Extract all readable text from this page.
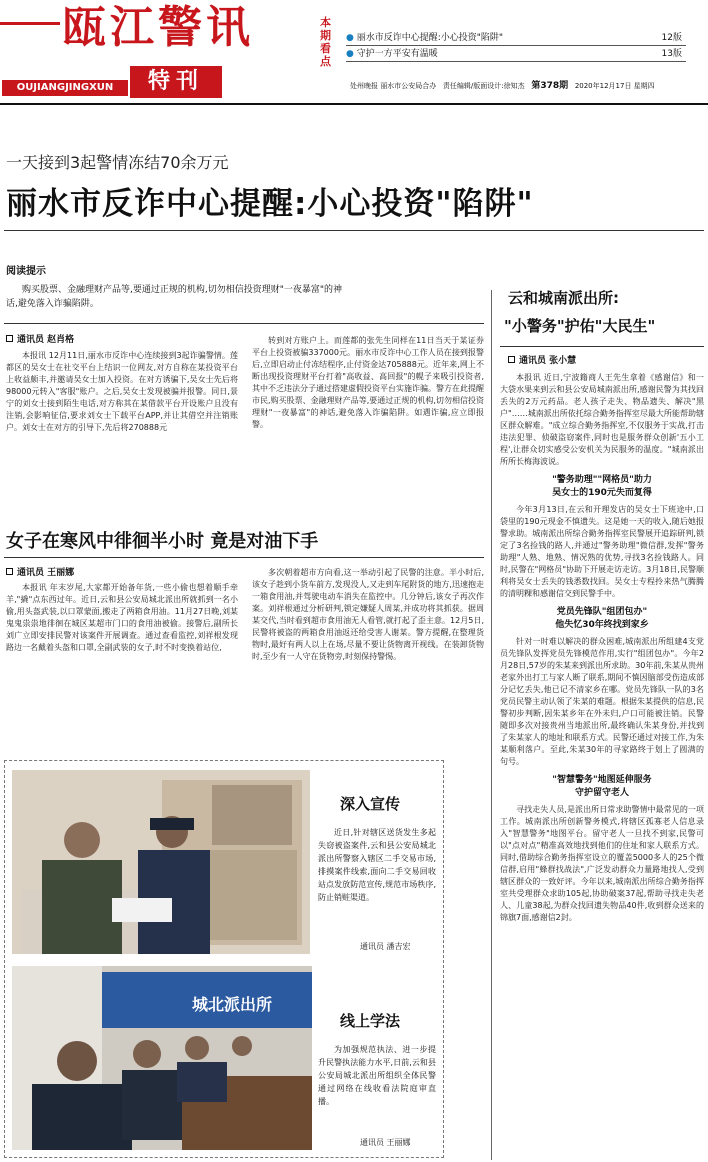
瓯江警讯
OUJIANGJINGXUN	特刊
本期看点
● 丽水市反诈中心提醒:小心投资"陷阱"	12版
● 守护一方平安有温暖	13版
处州晚报 丽水市公安局合办 责任编辑/版面设计:徐知杰 第378期 2020年12月17日 星期四
一天接到3起警情冻结70余万元
丽水市反诈中心提醒:小心投资"陷阱"
阅读提示
购买股票、金融理财产品等,要通过正规的机构,切勿相信投资理财"一夜暴富"的神话,避免落入诈骗陷阱。
通讯员 赵肖格
本报讯 12月11日,丽水市反诈中心连续接到3起诈骗警情。莲都区的吴女士在社交平台上结识一位网友,对方自称在某投资平台上收益颇丰,并邀请吴女士加入投资。在对方诱骗下,吴女士先后将98000元转入"客服"账户。之后,吴女士发现被骗并报警。同日,景宁的刘女士接到陌生电话,对方称其在某借款平台开设账户且没有注销,会影响征信,要求刘女士下载平台APP,并让其借空并注销账户。刘女士在对方的引导下,先后将270888元
转到对方账户上。而莲都的张先生同样在11日当天于某证券平台上投资被骗337000元。丽水市反诈中心工作人员在接到报警后,立即启动止付冻结程序,止付资金达705888元。近年来,网上不断出现投资理财平台打着"高收益、高回报"的幌子来吸引投资者,其中不乏违法分子通过搭建虚假投资平台实施诈骗。警方在此提醒市民,购买股票、金融理财产品等,要通过正规的机构,切勿相信投资理财"一夜暴富"的神话,避免落入诈骗陷阱。如遇诈骗,应立即报警。
女子在寒风中徘徊半小时 竟是对油下手
通讯员 王丽娜
本报讯 年末岁尾,大家都开始备年货,一些小偷也想着顺手牵羊,"撬"点东西过年。近日,云和县公安局城北派出所就抓到一名小偷,用头盔武装,以口罩蒙面,搬走了两箱食用油。11月27日晚,刘某鬼鬼祟祟地徘徊在城区某超市门口的食用油被偷。接警后,副所长刘广立即安排民警对该案件开展调查。通过查看监控,刘祥根发现路边一名戴着头盔和口罩,全副武装的女子,时不时变换着站位,
多次朝着超市方向看,这一举动引起了民警的注意。半小时后,该女子趁到小货车前方,发现没人,又走到车尾附货的地方,迅速抱走一箱食用油,并驾驶电动车消失在监控中。几分钟后,该女子再次作案。刘祥根通过分析研判,锁定嫌疑人周某,并成功将其抓获。据周某交代,当时看到超市食用油无人看管,就打起了歪主意。12月5日,民警将被盗的两箱食用油返还给受害人谢某。警方提醒,在整理货物时,最好有两人以上在场,尽量不要让货物离开视线。在装卸货物时,至少有一人守在货物旁,时刻保持警惕。
深入宣传
近日,针对辖区送货发生多起失窃被盗案件,云和县公安局城北派出所警察入辖区二手交易市场,排摸案件线索,面向二手交易回收站点发放防范宣传,规范市场秩序,防止销赃渠道。
通讯员 潘吉宏
城北派出所
线上学法
为加强规范执法、进一步提升民警执法能力水平,日前,云和县公安局城北派出所组织全体民警通过网络在线收看法院庭审直播。
通讯员 王丽娜
云和城南派出所:
"小警务"护佑"大民生"
通讯员 张小慧
本报讯 近日,宁波籍商人王先生拿着《感谢信》和一大袋水果来到云和县公安局城南派出所,感谢民警为其找回丢失的2万元药品。老人孩子走失、物品遗失、解决"黑户"……城南派出所依托综合勤务指挥室尽最大所能帮助辖区群众解难。"成立综合勤务指挥室,不仅服务于实战,打击违法犯罪、侦破盗窃案件,同时也是服务群众创新'五小工程',让群众切实感受公安机关为民服务的温度。"城南派出所所长梅海波说。
"警务助理""网格员"助力
吴女士的190元失而复得
今年3月13日,在云和开理发店的吴女士下班途中,口袋里的190元现金不慎遗失。这是她一天的收入,随后她报警求助。城南派出所综合勤务指挥室民警展开追踪研判,锁定了3名捡钱的路人,并通过"警务助理"微信群,发挥"警务助理"人熟、地熟、情况熟的优势,寻找3名捡钱路人。同时,民警在"网格员"协助下开展走访走访。3月18日,民警顺利将吴女士丢失的钱悉数找回。吴女士专程拎来热气腾腾的清明粿和感谢信交到民警手中。
党员先锋队"组团包办"
他失忆30年终找到家乡
针对一时难以解决的群众困难,城南派出所组建4支党员先锋队发挥党员先锋模范作用,实行"组团包办"。今年2月28日,57岁的朱某来到派出所求助。30年前,朱某从贵州老家外出打工与家人断了联系,期间不慎因脑部受伤造成部分记忆丢失,他已记不清家乡在哪。党员先锋队一队的3名党员民警主动认领了朱某的难题。根据朱某提供的信息,民警初步判断,因朱某乡年在外未归,户口可能被注销。民警随即多次对接贵州当地派出所,最终确认朱某身份,并找到了朱某家人的地址和联系方式。民警还通过对接工作,为朱某顺利落户。至此,朱某30年的寻家路终于划上了圆满的句号。
"智慧警务"地图延伸服务
守护留守老人
寻找走失人员,是派出所日常求助警情中最常见的一项工作。城南派出所创新警务模式,将辖区孤寡老人信息录入"智慧警务"地图平台。留守老人一旦找不到家,民警可以"点对点"精准高效地找到他们的住址和家人联系方式。同时,借助综合勤务指挥室设立的覆盖5000多人的25个微信群,启用"蜂群找战法",广泛发动群众力量路地找人,受到辖区群众的一致好评。今年以来,城南派出所综合勤务指挥室共受理群众求助105起,协助破案37起,帮助寻找走失老人、儿童38起,为群众找回遗失物品40件,收到群众送来的锦旗7面,感谢信2封。
